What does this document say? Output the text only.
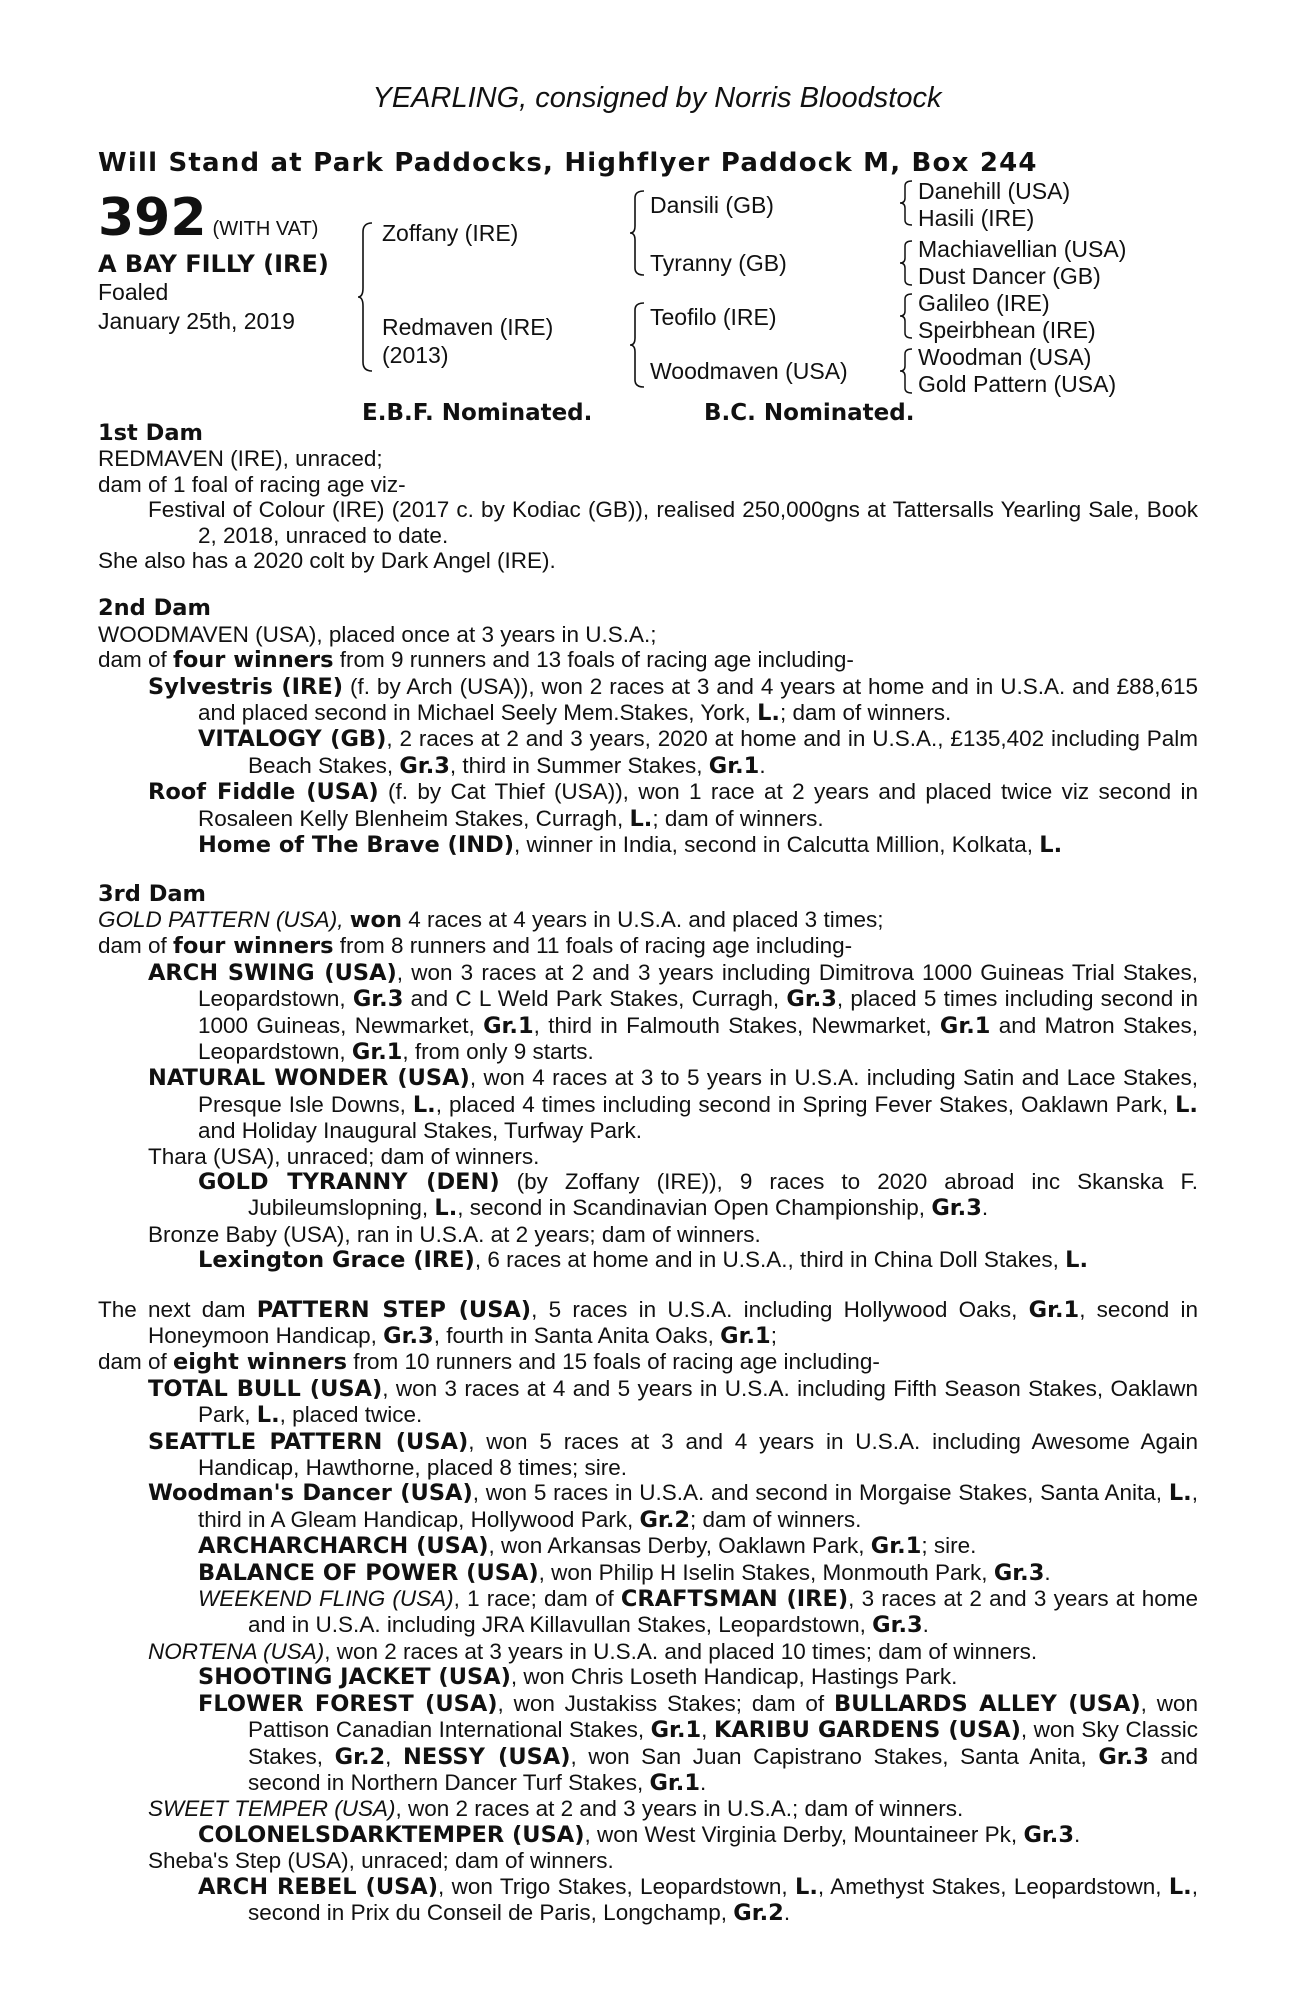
YEARLING, consigned by Norris Bloodstock
Will Stand at Park Paddocks, Highflyer Paddock M, Box 244
392 (WITH VAT)
A BAY FILLY (IRE)
Foaled
January 25th, 2019
Zoffany (IRE)
Redmaven (IRE)
(2013)
Dansili (GB)
Tyranny (GB)
Teofilo (IRE)
Woodmaven (USA)
Danehill (USA)
Hasili (IRE)
Machiavellian (USA)
Dust Dancer (GB)
Galileo (IRE)
Speirbhean (IRE)
Woodman (USA)
Gold Pattern (USA)
E.B.F. Nominated.	B.C. Nominated.

1st Dam

REDMAVEN (IRE), unraced;

dam of 1 foal of racing age viz-

Festival of Colour (IRE) (2017 c. by Kodiac (GB)), realised 250,000gns at Tattersalls Yearling Sale, Book 2, 2018, unraced to date.

She also has a 2020 colt by Dark Angel (IRE).

2nd Dam

WOODMAVEN (USA), placed once at 3 years in U.S.A.;

dam of four winners from 9 runners and 13 foals of racing age including-

Sylvestris (IRE) (f. by Arch (USA)), won 2 races at 3 and 4 years at home and in U.S.A. and £88,615 and placed second in Michael Seely Mem.Stakes, York, L.; dam of winners.

VITALOGY (GB), 2 races at 2 and 3 years, 2020 at home and in U.S.A., £135,402 including Palm Beach Stakes, Gr.3, third in Summer Stakes, Gr.1.

Roof Fiddle (USA) (f. by Cat Thief (USA)), won 1 race at 2 years and placed twice viz second in Rosaleen Kelly Blenheim Stakes, Curragh, L.; dam of winners.

Home of The Brave (IND), winner in India, second in Calcutta Million, Kolkata, L.

3rd Dam

GOLD PATTERN (USA), won 4 races at 4 years in U.S.A. and placed 3 times;

dam of four winners from 8 runners and 11 foals of racing age including-

ARCH SWING (USA), won 3 races at 2 and 3 years including Dimitrova 1000 Guineas Trial Stakes, Leopardstown, Gr.3 and C L Weld Park Stakes, Curragh, Gr.3, placed 5 times including second in 1000 Guineas, Newmarket, Gr.1, third in Falmouth Stakes, Newmarket, Gr.1 and Matron Stakes, Leopardstown, Gr.1, from only 9 starts.

NATURAL WONDER (USA), won 4 races at 3 to 5 years in U.S.A. including Satin and Lace Stakes, Presque Isle Downs, L., placed 4 times including second in Spring Fever Stakes, Oaklawn Park, L. and Holiday Inaugural Stakes, Turfway Park.

Thara (USA), unraced; dam of winners.

GOLD TYRANNY (DEN) (by Zoffany (IRE)), 9 races to 2020 abroad inc Skanska F. Jubileumslopning, L., second in Scandinavian Open Championship, Gr.3.

Bronze Baby (USA), ran in U.S.A. at 2 years; dam of winners.

Lexington Grace (IRE), 6 races at home and in U.S.A., third in China Doll Stakes, L.

The next dam PATTERN STEP (USA), 5 races in U.S.A. including Hollywood Oaks, Gr.1, second in Honeymoon Handicap, Gr.3, fourth in Santa Anita Oaks, Gr.1;

dam of eight winners from 10 runners and 15 foals of racing age including-

TOTAL BULL (USA), won 3 races at 4 and 5 years in U.S.A. including Fifth Season Stakes, Oaklawn Park, L., placed twice.

SEATTLE PATTERN (USA), won 5 races at 3 and 4 years in U.S.A. including Awesome Again Handicap, Hawthorne, placed 8 times; sire.

Woodman's Dancer (USA), won 5 races in U.S.A. and second in Morgaise Stakes, Santa Anita, L., third in A Gleam Handicap, Hollywood Park, Gr.2; dam of winners.

ARCHARCHARCH (USA), won Arkansas Derby, Oaklawn Park, Gr.1; sire.

BALANCE OF POWER (USA), won Philip H Iselin Stakes, Monmouth Park, Gr.3.

WEEKEND FLING (USA), 1 race; dam of CRAFTSMAN (IRE), 3 races at 2 and 3 years at home and in U.S.A. including JRA Killavullan Stakes, Leopardstown, Gr.3.

NORTENA (USA), won 2 races at 3 years in U.S.A. and placed 10 times; dam of winners.

SHOOTING JACKET (USA), won Chris Loseth Handicap, Hastings Park.

FLOWER FOREST (USA), won Justakiss Stakes; dam of BULLARDS ALLEY (USA), won Pattison Canadian International Stakes, Gr.1, KARIBU GARDENS (USA), won Sky Classic Stakes, Gr.2, NESSY (USA), won San Juan Capistrano Stakes, Santa Anita, Gr.3 and second in Northern Dancer Turf Stakes, Gr.1.

SWEET TEMPER (USA), won 2 races at 2 and 3 years in U.S.A.; dam of winners.

COLONELSDARKTEMPER (USA), won West Virginia Derby, Mountaineer Pk, Gr.3.

Sheba's Step (USA), unraced; dam of winners.

ARCH REBEL (USA), won Trigo Stakes, Leopardstown, L., Amethyst Stakes, Leopardstown, L., second in Prix du Conseil de Paris, Longchamp, Gr.2.
